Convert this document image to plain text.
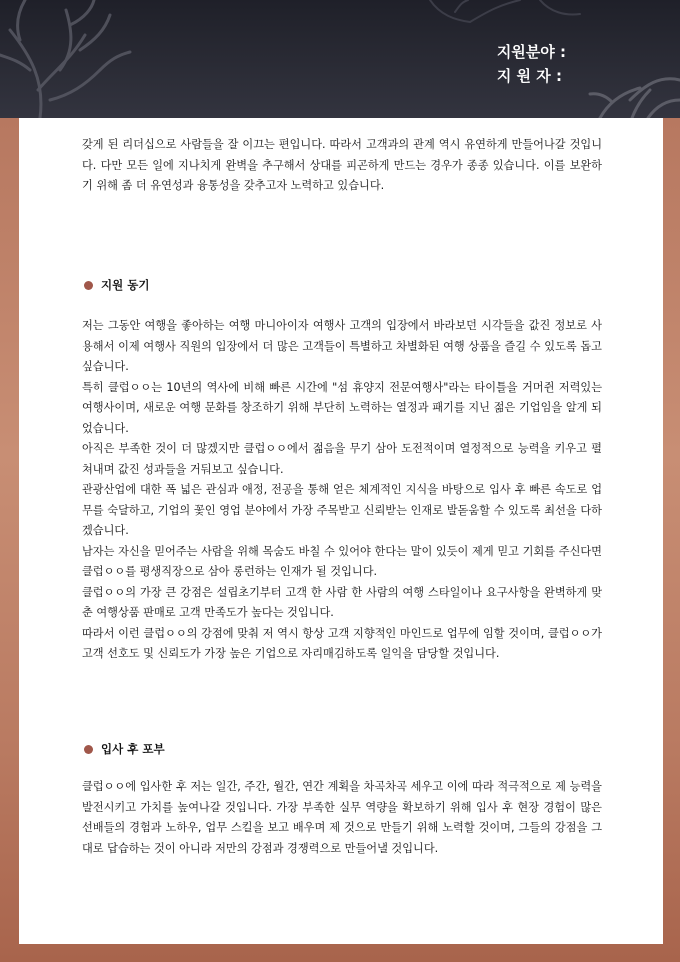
지원분야 :
지 원 자 :

갖게 된 리더십으로 사람들을 잘 이끄는 편입니다. 따라서 고객과의 관계 역시 유연하게 만들어나갈 것입니다. 다만 모든 일에 지나치게 완벽을 추구해서 상대를 피곤하게 만드는 경우가 종종 있습니다. 이를 보완하기 위해 좀 더 유연성과 융통성을 갖추고자 노력하고 있습니다.

지원 동기

저는 그동안 여행을 좋아하는 여행 마니아이자 여행사 고객의 입장에서 바라보던 시각들을 값진 정보로 사용해서 이제 여행사 직원의 입장에서 더 많은 고객들이 특별하고 차별화된 여행 상품을 즐길 수 있도록 돕고 싶습니다.

특히 클럽ㅇㅇ는 10년의 역사에 비해 빠른 시간에 "섬 휴양지 전문여행사"라는 타이틀을 거머쥔 저력있는 여행사이며, 새로운 여행 문화를 창조하기 위해 부단히 노력하는 열정과 패기를 지닌 젊은 기업임을 알게 되었습니다.

아직은 부족한 것이 더 많겠지만 클럽ㅇㅇ에서 젊음을 무기 삼아 도전적이며 열정적으로 능력을 키우고 펼쳐내며 값진 성과들을 거둬보고 싶습니다.

관광산업에 대한 폭 넓은 관심과 애정, 전공을 통해 얻은 체계적인 지식을 바탕으로 입사 후 빠른 속도로 업무를 숙달하고, 기업의 꽃인 영업 분야에서 가장 주목받고 신뢰받는 인재로 발돋움할 수 있도록 최선을 다하겠습니다.

남자는 자신을 믿어주는 사람을 위해 목숨도 바칠 수 있어야 한다는 말이 있듯이 제게 믿고 기회를 주신다면 클럽ㅇㅇ를 평생직장으로 삼아 롱런하는 인재가 될 것입니다.

클럽ㅇㅇ의 가장 큰 강점은 설립초기부터 고객 한 사람 한 사람의 여행 스타일이나 요구사항을 완벽하게 맞춘 여행상품 판매로 고객 만족도가 높다는 것입니다.

따라서 이런 클럽ㅇㅇ의 강점에 맞춰 저 역시 항상 고객 지향적인 마인드로 업무에 임할 것이며, 클럽ㅇㅇ가 고객 선호도 및 신뢰도가 가장 높은 기업으로 자리매김하도록 일익을 담당할 것입니다.

입사 후 포부

클럽ㅇㅇ에 입사한 후 저는 일간, 주간, 월간, 연간 계획을 차곡차곡 세우고 이에 따라 적극적으로 제 능력을 발전시키고 가치를 높여나갈 것입니다. 가장 부족한 실무 역량을 확보하기 위해 입사 후 현장 경험이 많은 선배들의 경험과 노하우, 업무 스킬을 보고 배우며 제 것으로 만들기 위해 노력할 것이며, 그들의 강점을 그대로 답습하는 것이 아니라 저만의 강점과 경쟁력으로 만들어낼 것입니다.
